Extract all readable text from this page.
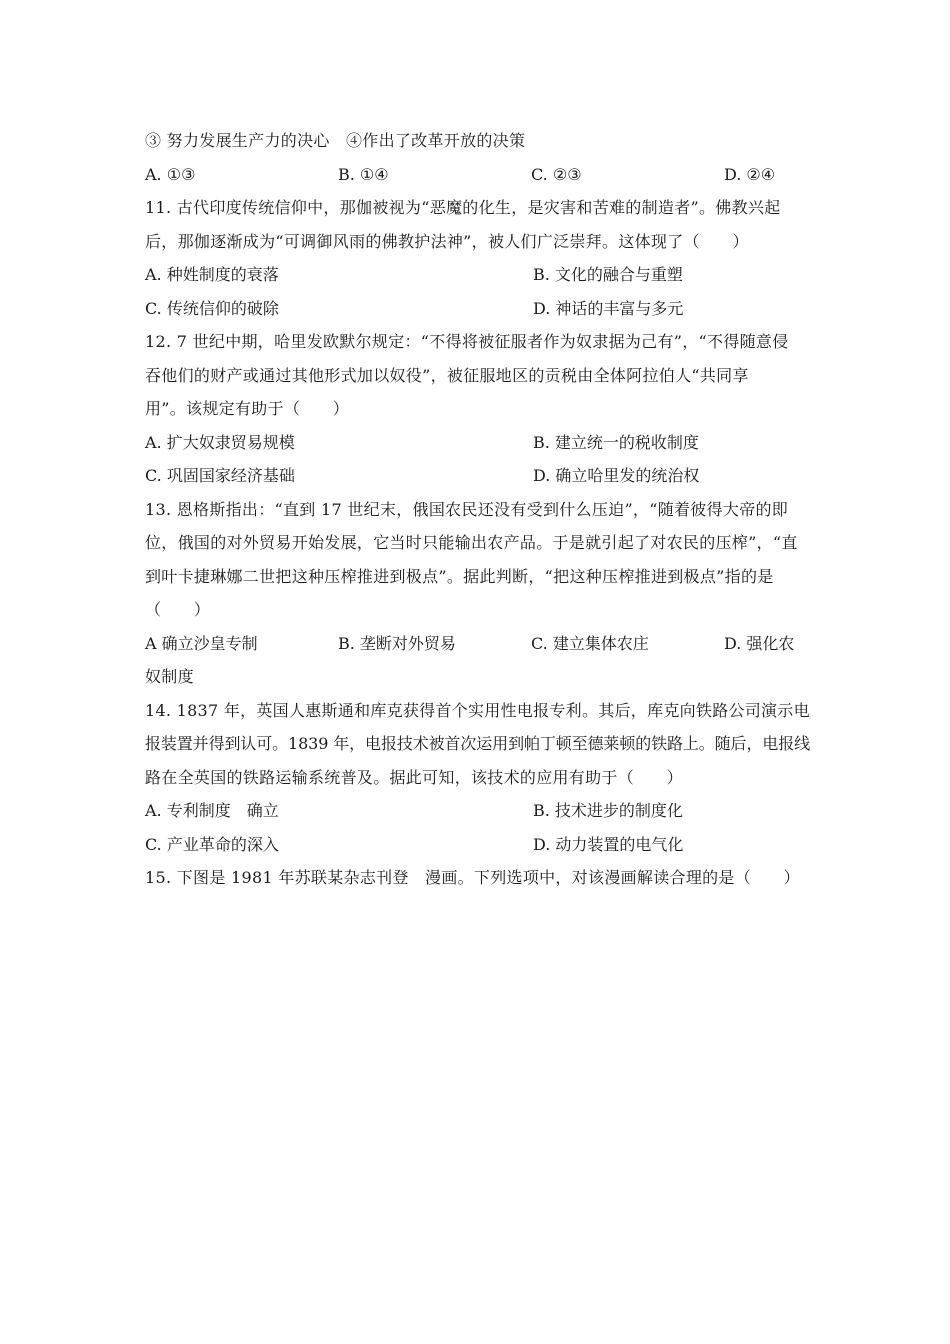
③ 努力发展生产力的决心　④作出了改革开放的决策
A. ①③	B. ①④	C. ②③	D. ②④
11. 古代印度传统信仰中，那伽被视为“恶魔的化生，是灾害和苦难的制造者”。佛教兴起
后，那伽逐渐成为“可调御风雨的佛教护法神”，被人们广泛崇拜。这体现了（　　）
A. 种姓制度的衰落	B. 文化的融合与重塑
C. 传统信仰的破除	D. 神话的丰富与多元
12. 7 世纪中期，哈里发欧默尔规定：“不得将被征服者作为奴隶据为己有”，“不得随意侵
吞他们的财产或通过其他形式加以奴役”，被征服地区的贡税由全体阿拉伯人“共同享
用”。该规定有助于（　　）
A. 扩大奴隶贸易规模	B. 建立统一的税收制度
C. 巩固国家经济基础	D. 确立哈里发的统治权
13. 恩格斯指出：“直到 17 世纪末，俄国农民还没有受到什么压迫”，“随着彼得大帝的即
位，俄国的对外贸易开始发展，它当时只能输出农产品。于是就引起了对农民的压榨”，“直
到叶卡捷琳娜二世把这种压榨推进到极点”。据此判断，“把这种压榨推进到极点”指的是
（　　）
A 确立沙皇专制	B. 垄断对外贸易	C. 建立集体农庄	D. 强化农
奴制度
14. 1837 年，英国人惠斯通和库克获得首个实用性电报专利。其后，库克向铁路公司演示电
报装置并得到认可。1839 年，电报技术被首次运用到帕丁顿至德莱顿的铁路上。随后，电报线
路在全英国的铁路运输系统普及。据此可知，该技术的应用有助于（　　）
A. 专利制度　确立	B. 技术进步的制度化
C. 产业革命的深入	D. 动力装置的电气化
15. 下图是 1981 年苏联某杂志刊登　漫画。下列选项中，对该漫画解读合理的是（　　）
